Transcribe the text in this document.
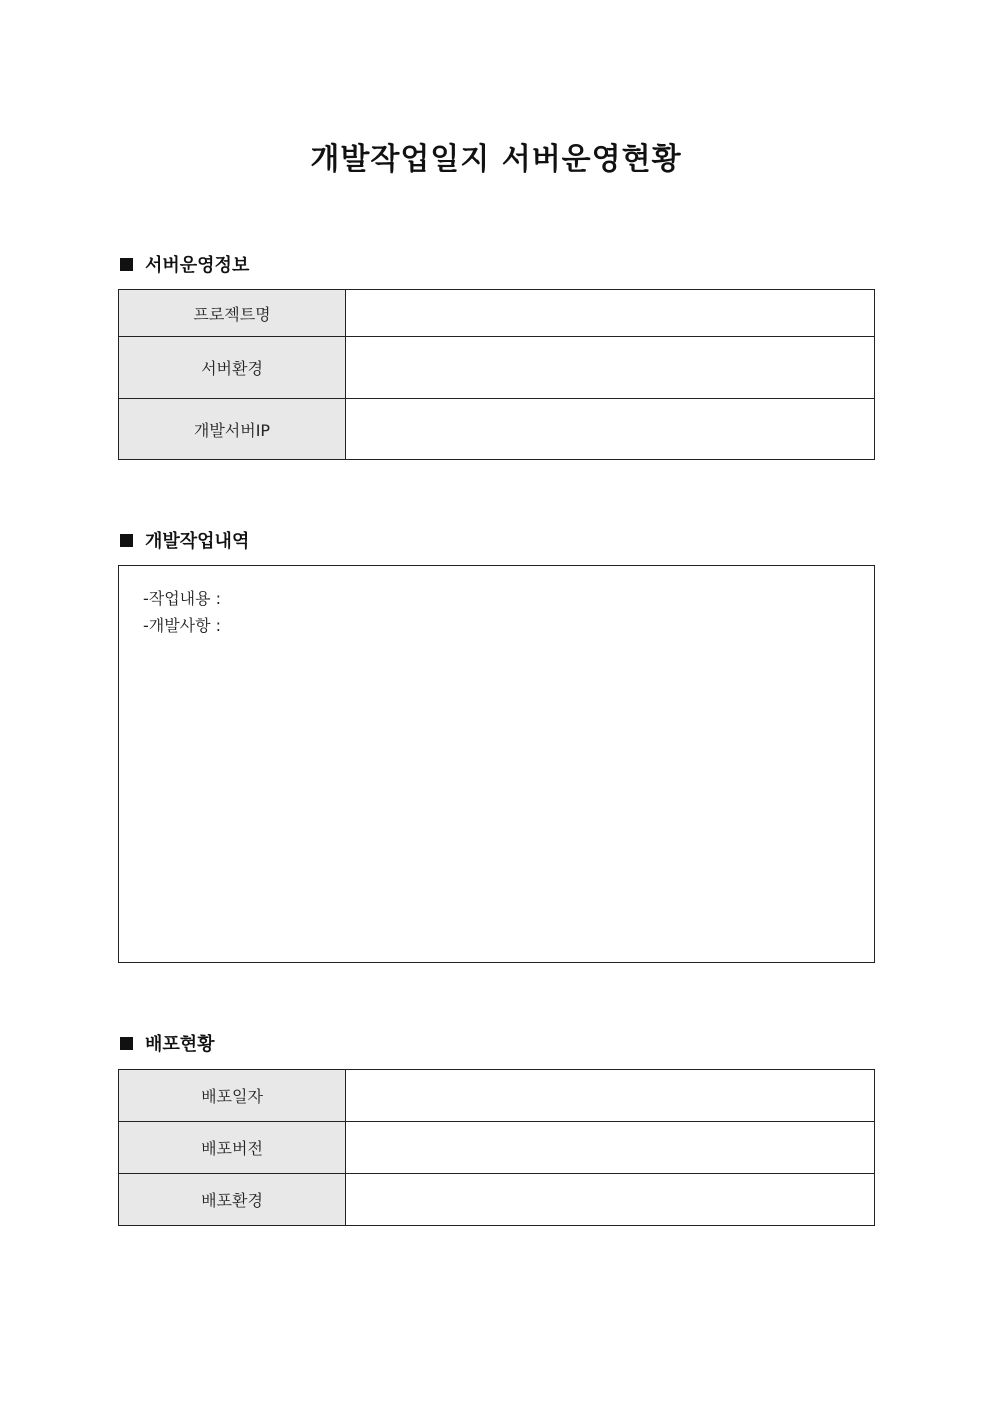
개발작업일지 서버운영현황
서버운영정보
프로젝트명	
서버환경	
개발서버IP	
개발작업내역
-작업내용 :
-개발사항 :
배포현황
배포일자	
배포버전	
배포환경	
